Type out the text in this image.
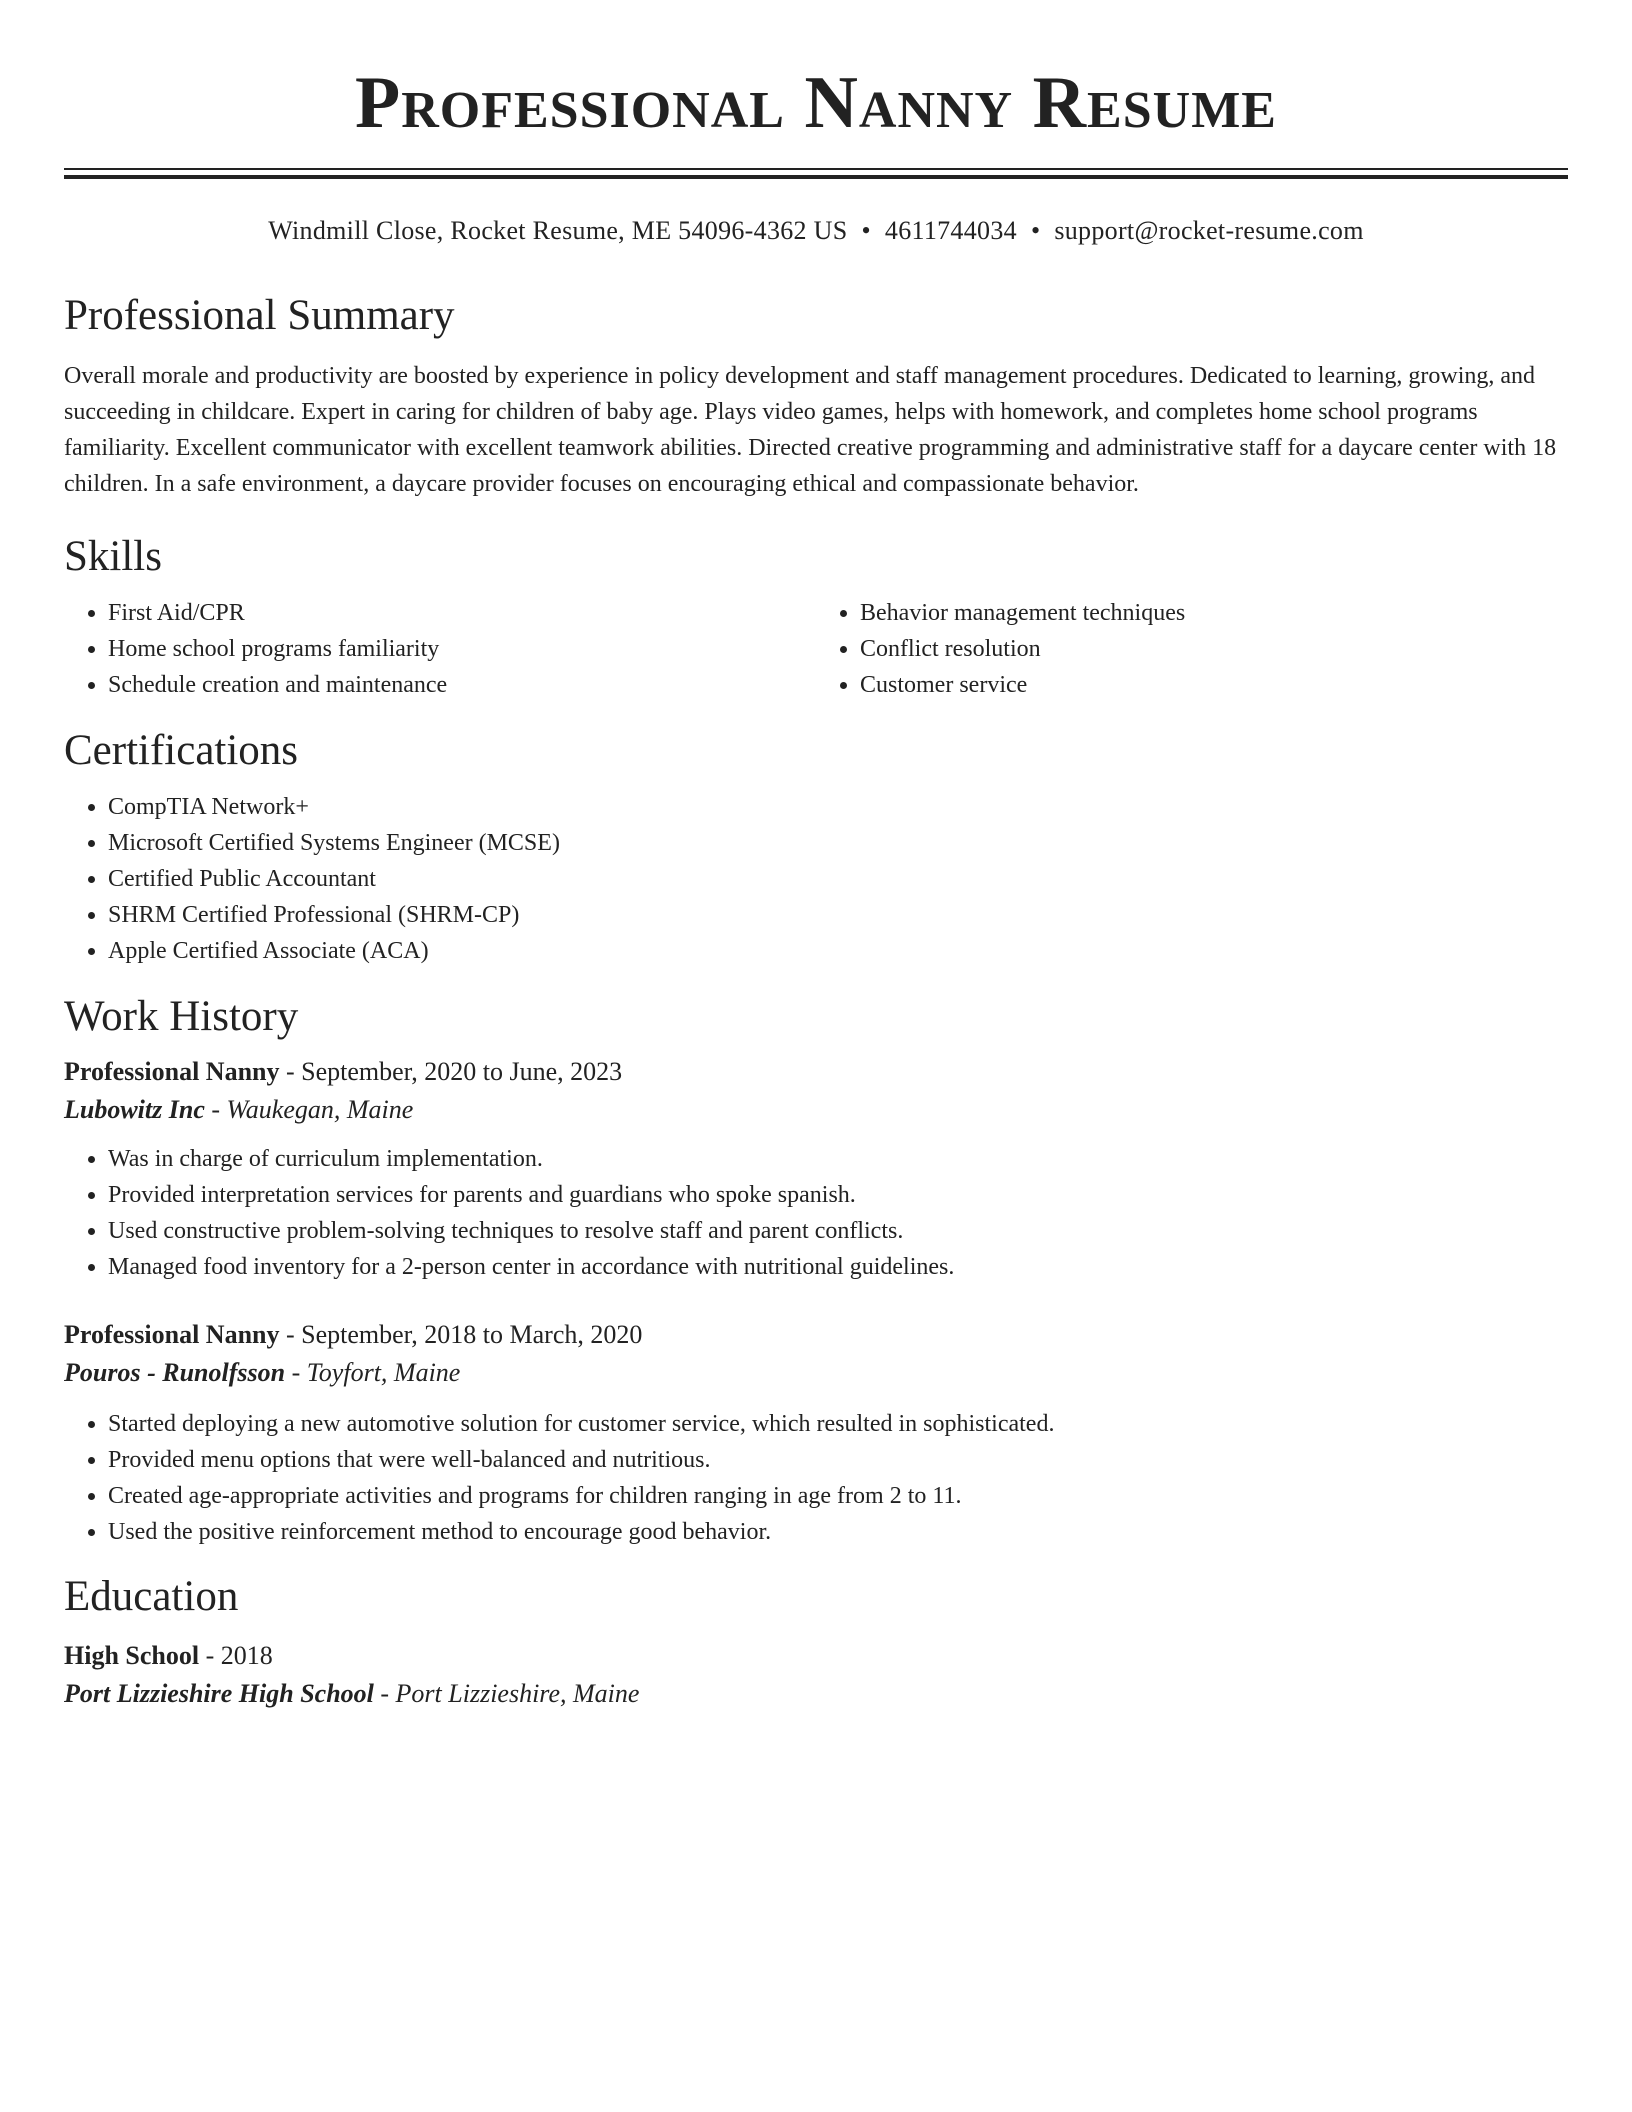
Professional Nanny Resume
Windmill Close, Rocket Resume, ME 54096-4362 US • 4611744034 • support@rocket-resume.com
Professional Summary

Overall morale and productivity are boosted by experience in policy development and staff management procedures. Dedicated to learning, growing, and succeeding in childcare. Expert in caring for children of baby age. Plays video games, helps with homework, and completes home school programs familiarity. Excellent communicator with excellent teamwork abilities. Directed creative programming and administrative staff for a daycare center with 18 children. In a safe environment, a daycare provider focuses on encouraging ethical and compassionate behavior.

Skills
• First Aid/CPR
• Home school programs familiarity
• Schedule creation and maintenance
• Behavior management techniques
• Conflict resolution
• Customer service
Certifications
• CompTIA Network+
• Microsoft Certified Systems Engineer (MCSE)
• Certified Public Accountant
• SHRM Certified Professional (SHRM-CP)
• Apple Certified Associate (ACA)
Work History
Professional Nanny - September, 2020 to June, 2023
Lubowitz Inc - Waukegan, Maine
• Was in charge of curriculum implementation.
• Provided interpretation services for parents and guardians who spoke spanish.
• Used constructive problem-solving techniques to resolve staff and parent conflicts.
• Managed food inventory for a 2-person center in accordance with nutritional guidelines.
Professional Nanny - September, 2018 to March, 2020
Pouros - Runolfsson - Toyfort, Maine
• Started deploying a new automotive solution for customer service, which resulted in sophisticated.
• Provided menu options that were well-balanced and nutritious.
• Created age-appropriate activities and programs for children ranging in age from 2 to 11.
• Used the positive reinforcement method to encourage good behavior.
Education
High School - 2018
Port Lizzieshire High School - Port Lizzieshire, Maine
